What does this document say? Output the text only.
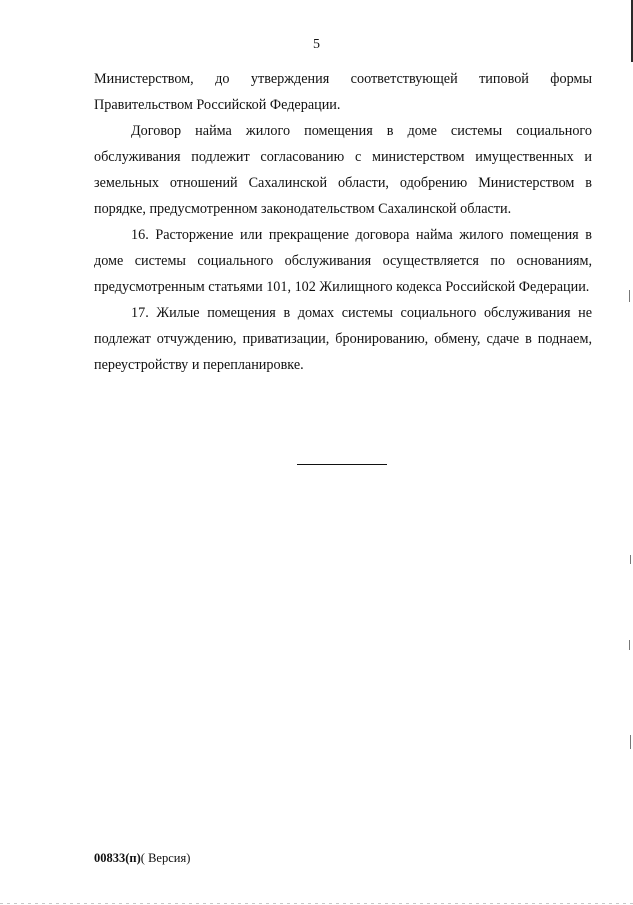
5

Министерством, до утверждения соответствующей типовой формы Правительством Российской Федерации.

Договор найма жилого помещения в доме системы социального обслуживания подлежит согласованию с министерством имущественных и земельных отношений Сахалинской области, одобрению Министерством в порядке, предусмотренном законодательством Сахалинской области.

16. Расторжение или прекращение договора найма жилого помещения в доме системы социального обслуживания осуществляется по основаниям, предусмотренным статьями 101, 102 Жилищного кодекса Российской Федерации.

17. Жилые помещения в домах системы социального обслуживания не подлежат отчуждению, приватизации, бронированию, обмену, сдаче в поднаем, переустройству и перепланировке.

00833(п)( Версия)
